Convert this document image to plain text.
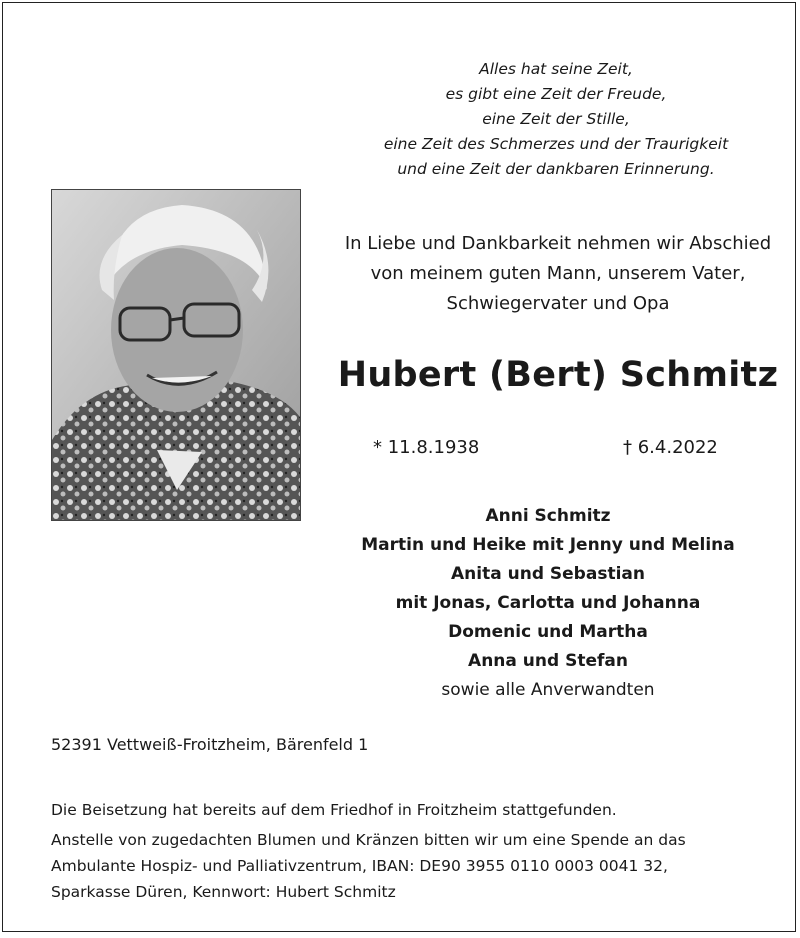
Alles hat seine Zeit,
es gibt eine Zeit der Freude,
eine Zeit der Stille,
eine Zeit des Schmerzes und der Traurigkeit
und eine Zeit der dankbaren Erinnerung.
In Liebe und Dankbarkeit nehmen wir Abschied
von meinem guten Mann, unserem Vater,
Schwiegervater und Opa
Hubert (Bert) Schmitz
* 11.8.1938	† 6.4.2022
Anni Schmitz
Martin und Heike mit Jenny und Melina
Anita und Sebastian
mit Jonas, Carlotta und Johanna
Domenic und Martha
Anna und Stefan
sowie alle Anverwandten
52391 Vettweiß-Froitzheim, Bärenfeld 1
Die Beisetzung hat bereits auf dem Friedhof in Froitzheim stattgefunden.
Anstelle von zugedachten Blumen und Kränzen bitten wir um eine Spende an das
Ambulante Hospiz- und Palliativzentrum, IBAN: DE90 3955 0110 0003 0041 32,
Sparkasse Düren, Kennwort: Hubert Schmitz
